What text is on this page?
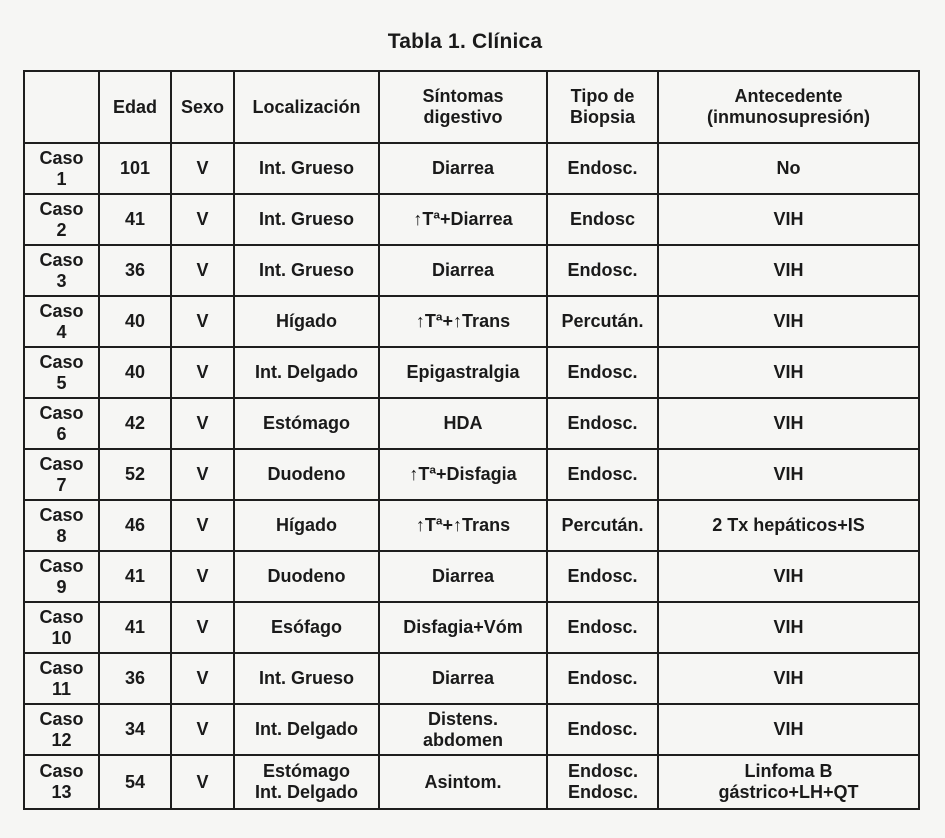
Tabla 1. Clínica
	Edad	Sexo	Localización	Síntomas digestivo	Tipo de Biopsia	Antecedente (inmunosupresión)
Caso 1	101	V	Int. Grueso	Diarrea	Endosc.	No
Caso 2	41	V	Int. Grueso	↑Tª+Diarrea	Endosc	VIH
Caso 3	36	V	Int. Grueso	Diarrea	Endosc.	VIH
Caso 4	40	V	Hígado	↑Tª+↑Trans	Percután.	VIH
Caso 5	40	V	Int. Delgado	Epigastralgia	Endosc.	VIH
Caso 6	42	V	Estómago	HDA	Endosc.	VIH
Caso 7	52	V	Duodeno	↑Tª+Disfagia	Endosc.	VIH
Caso 8	46	V	Hígado	↑Tª+↑Trans	Percután.	2 Tx hepáticos+IS
Caso 9	41	V	Duodeno	Diarrea	Endosc.	VIH
Caso 10	41	V	Esófago	Disfagia+Vóm	Endosc.	VIH
Caso 11	36	V	Int. Grueso	Diarrea	Endosc.	VIH
Caso 12	34	V	Int. Delgado	Distens. abdomen	Endosc.	VIH
Caso 13	54	V	Estómago Int. Delgado	Asintom.	Endosc. Endosc.	Linfoma B gástrico+LH+QT
